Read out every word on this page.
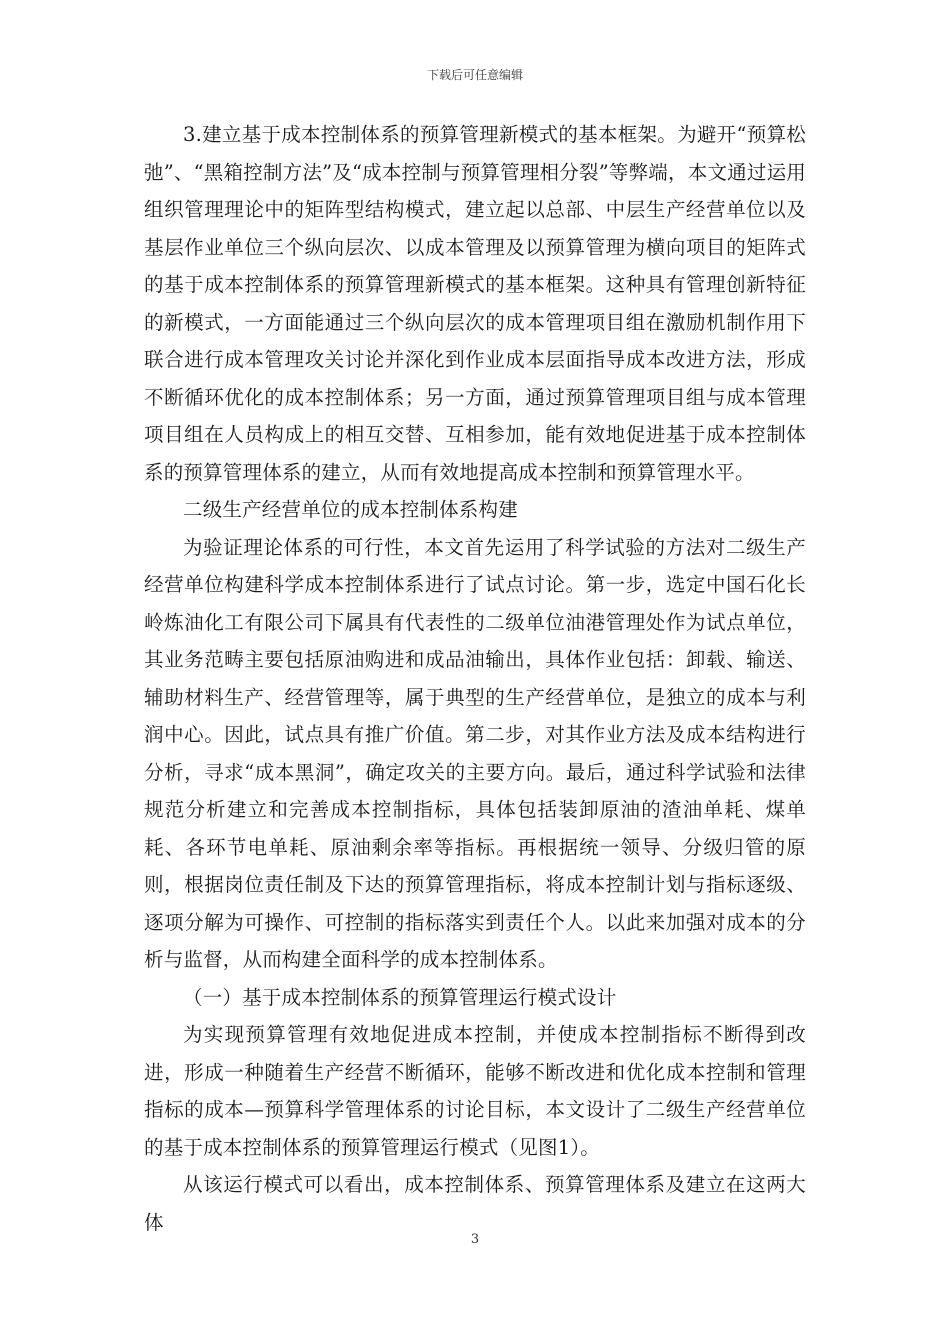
下载后可任意编辑

3.建立基于成本控制体系的预算管理新模式的基本框架。为避开“预算松弛”、“黑箱控制方法”及“成本控制与预算管理相分裂”等弊端，本文通过运用组织管理理论中的矩阵型结构模式，建立起以总部、中层生产经营单位以及基层作业单位三个纵向层次、以成本管理及以预算管理为横向项目的矩阵式的基于成本控制体系的预算管理新模式的基本框架。这种具有管理创新特征的新模式，一方面能通过三个纵向层次的成本管理项目组在激励机制作用下联合进行成本管理攻关讨论并深化到作业成本层面指导成本改进方法，形成不断循环优化的成本控制体系；另一方面，通过预算管理项目组与成本管理项目组在人员构成上的相互交替、互相参加，能有效地促进基于成本控制体系的预算管理体系的建立，从而有效地提高成本控制和预算管理水平。

二级生产经营单位的成本控制体系构建

为验证理论体系的可行性，本文首先运用了科学试验的方法对二级生产经营单位构建科学成本控制体系进行了试点讨论。第一步，选定中国石化长岭炼油化工有限公司下属具有代表性的二级单位油港管理处作为试点单位，其业务范畴主要包括原油购进和成品油输出，具体作业包括：卸载、输送、辅助材料生产、经营管理等，属于典型的生产经营单位，是独立的成本与利润中心。因此，试点具有推广价值。第二步，对其作业方法及成本结构进行分析，寻求“成本黑洞”，确定攻关的主要方向。最后，通过科学试验和法律规范分析建立和完善成本控制指标，具体包括装卸原油的渣油单耗、煤单耗、各环节电单耗、原油剩余率等指标。再根据统一领导、分级归管的原则，根据岗位责任制及下达的预算管理指标，将成本控制计划与指标逐级、逐项分解为可操作、可控制的指标落实到责任个人。以此来加强对成本的分析与监督，从而构建全面科学的成本控制体系。

（一）基于成本控制体系的预算管理运行模式设计

为实现预算管理有效地促进成本控制，并使成本控制指标不断得到改进，形成一种随着生产经营不断循环，能够不断改进和优化成本控制和管理指标的成本—预算科学管理体系的讨论目标，本文设计了二级生产经营单位的基于成本控制体系的预算管理运行模式（见图1）。

从该运行模式可以看出，成本控制体系、预算管理体系及建立在这两大体

3
